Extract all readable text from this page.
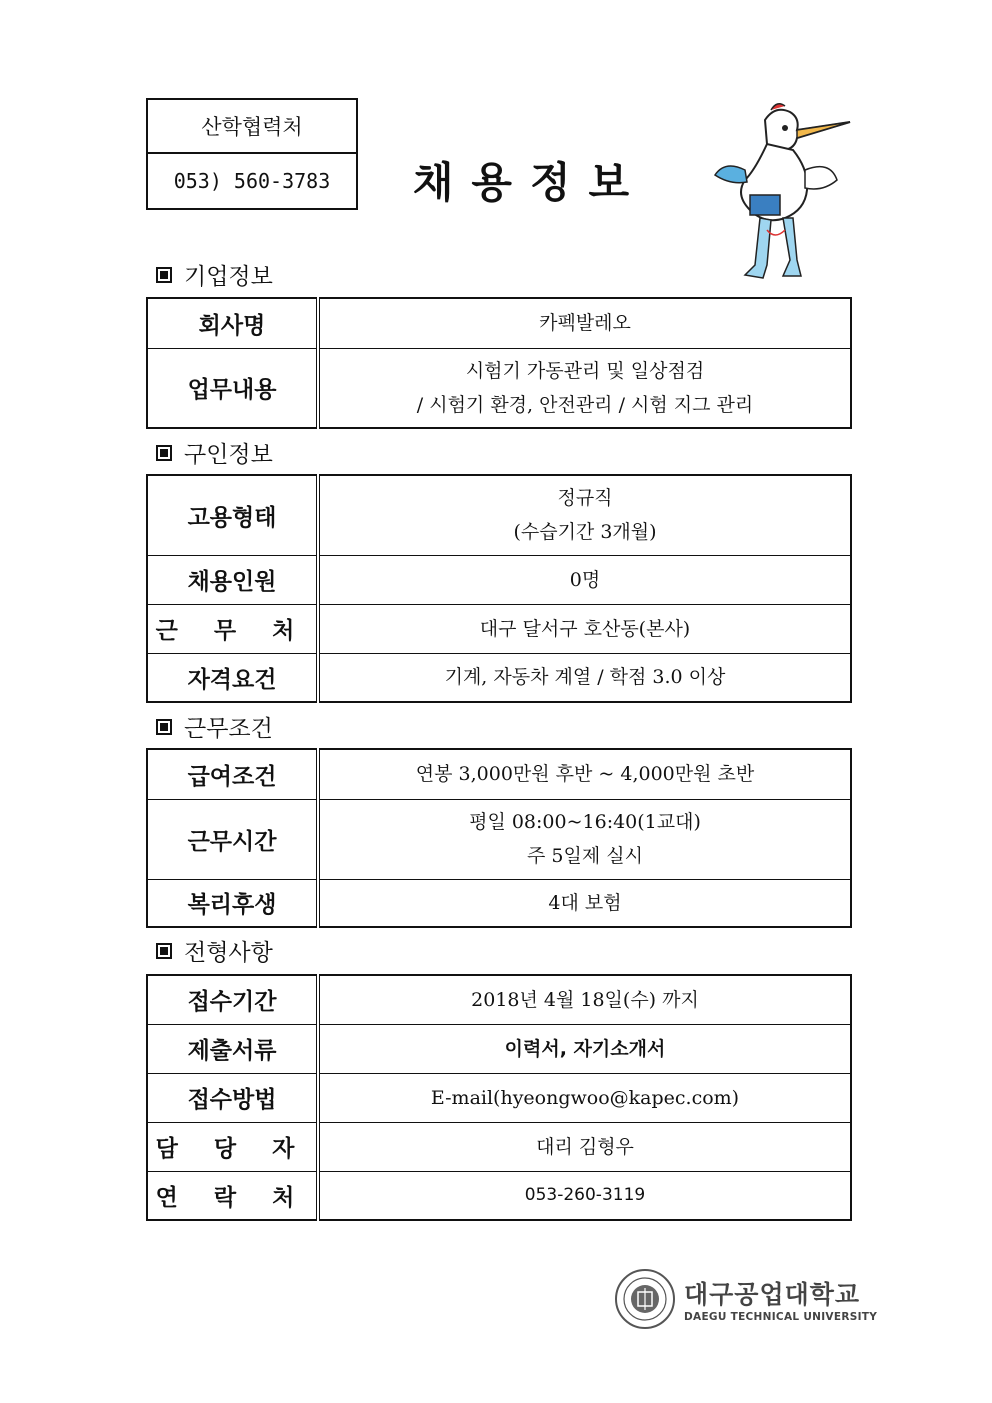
산학협력처
053) 560-3783	채용정보
기업정보
회사명	카펙발레오

업무내용	시험기 가동관리 및 일상점검
/ 시험기 환경, 안전관리 / 시험 지그 관리
구인정보
고용형태	정규직
(수습기간 3개월)

채용인원	0명

근 무 처	대구 달서구 호산동(본사)

자격요건	기계, 자동차 계열 / 학점 3.0 이상
근무조건
급여조건	연봉 3,000만원 후반 ~ 4,000만원 초반

근무시간	평일 08:00~16:40(1교대)
주 5일제 실시

복리후생	4대 보험
전형사항
접수기간	2018년 4월 18일(수) 까지

제출서류	이력서, 자기소개서

접수방법	E-mail(hyeongwoo@kapec.com)

담 당 자	대리 김형우

연 락 처	053-260-3119
대구공업대학교
DAEGU TECHNICAL UNIVERSITY
